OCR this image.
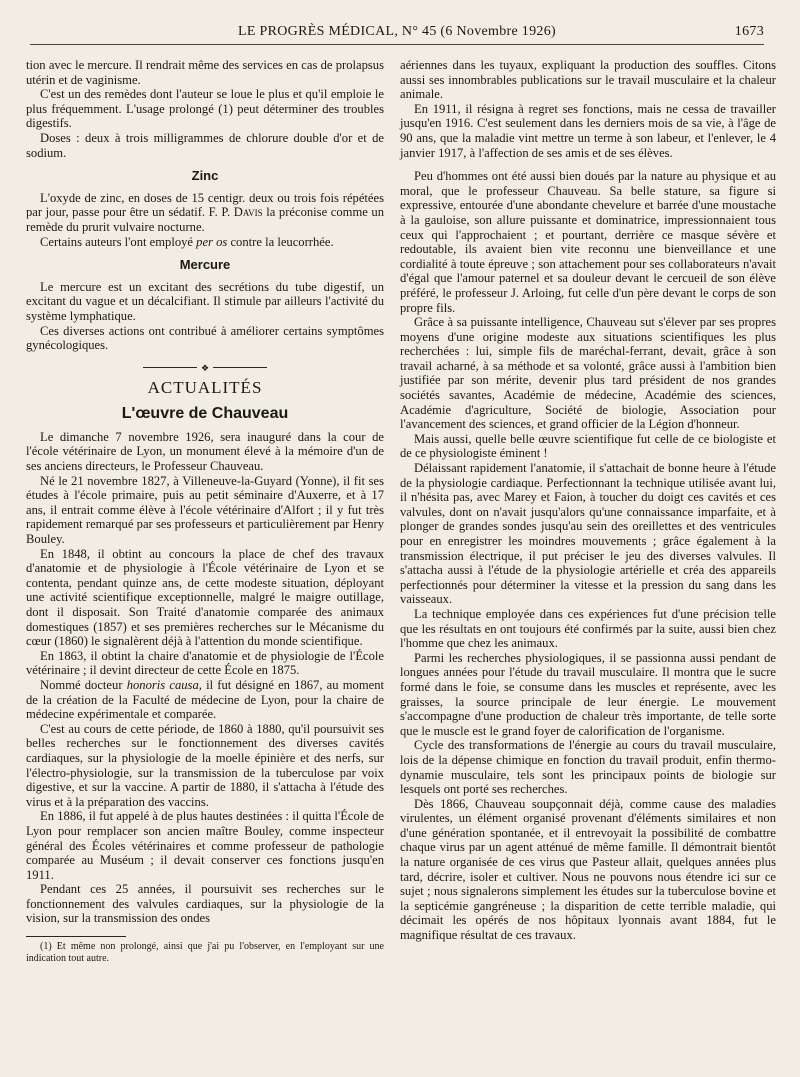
LE PROGRÈS MÉDICAL, N° 45 (6 Novembre 1926)	1673

tion avec le mercure. Il rendrait même des services en cas de prolapsus utérin et de vaginisme.

C'est un des remèdes dont l'auteur se loue le plus et qu'il emploie le plus fréquemment. L'usage prolongé (1) peut déterminer des troubles digestifs.

Doses : deux à trois milligrammes de chlorure double d'or et de sodium.

Zinc

L'oxyde de zinc, en doses de 15 centigr. deux ou trois fois répétées par jour, passe pour être un sédatif. F. P. Davis la préconise comme un remède du prurit vulvaire nocturne.

Certains auteurs l'ont employé per os contre la leucorrhée.

Mercure

Le mercure est un excitant des secrétions du tube digestif, un excitant du vague et un décalcifiant. Il stimule par ailleurs l'activité du système lymphatique.

Ces diverses actions ont contribué à améliorer certains symptômes gynécologiques.

❖
ACTUALITÉS
L'œuvre de Chauveau

Le dimanche 7 novembre 1926, sera inauguré dans la cour de l'école vétérinaire de Lyon, un monument élevé à la mémoire d'un de ses anciens directeurs, le Professeur Chauveau.

Né le 21 novembre 1827, à Villeneuve-la-Guyard (Yonne), il fit ses études à l'école primaire, puis au petit séminaire d'Auxerre, et à 17 ans, il entrait comme élève à l'école vétérinaire d'Alfort ; il y fut très rapidement remarqué par ses professeurs et particulièrement par Henry Bouley.

En 1848, il obtint au concours la place de chef des travaux d'anatomie et de physiologie à l'École vétérinaire de Lyon et se contenta, pendant quinze ans, de cette modeste situation, déployant une activité scientifique exceptionnelle, malgré le maigre outillage, dont il disposait. Son Traité d'anatomie comparée des animaux domestiques (1857) et ses premières recherches sur le Mécanisme du cœur (1860) le signalèrent déjà à l'attention du monde scientifique.

En 1863, il obtint la chaire d'anatomie et de physiologie de l'École vétérinaire ; il devint directeur de cette École en 1875.

Nommé docteur honoris causa, il fut désigné en 1867, au moment de la création de la Faculté de médecine de Lyon, pour la chaire de médecine expérimentale et comparée.

C'est au cours de cette période, de 1860 à 1880, qu'il poursuivit ses belles recherches sur le fonctionnement des diverses cavités cardiaques, sur la physiologie de la moelle épinière et des nerfs, sur l'électro-physiologie, sur la transmission de la tuberculose par voix digestive, et sur la vaccine. A partir de 1880, il s'attacha à l'étude des virus et à la préparation des vaccins.

En 1886, il fut appelé à de plus hautes destinées : il quitta l'École de Lyon pour remplacer son ancien maître Bouley, comme inspecteur général des Écoles vétérinaires et comme professeur de pathologie comparée au Muséum ; il devait conserver ces fonctions jusqu'en 1911.

Pendant ces 25 années, il poursuivit ses recherches sur le fonctionnement des valvules cardiaques, sur la physiologie de la vision, sur la transmission des ondes

(1) Et même non prolongé, ainsi que j'ai pu l'observer, en l'employant sur une indication tout autre.

aériennes dans les tuyaux, expliquant la production des souffles. Citons aussi ses innombrables publications sur le travail musculaire et la chaleur animale.

En 1911, il résigna à regret ses fonctions, mais ne cessa de travailler jusqu'en 1916. C'est seulement dans les derniers mois de sa vie, à l'âge de 90 ans, que la maladie vint mettre un terme à son labeur, et l'enlever, le 4 janvier 1917, à l'affection de ses amis et de ses élèves.

Peu d'hommes ont été aussi bien doués par la nature au physique et au moral, que le professeur Chauveau. Sa belle stature, sa figure si expressive, entourée d'une abondante chevelure et barrée d'une moustache à la gauloise, son allure puissante et dominatrice, impressionnaient tous ceux qui l'approchaient ; et pourtant, derrière ce masque sévère et redoutable, ils avaient bien vite reconnu une bienveillance et une cordialité à toute épreuve ; son attachement pour ses collaborateurs n'avait d'égal que l'amour paternel et sa douleur devant le cercueil de son élève préféré, le professeur J. Arloing, fut celle d'un père devant le corps de son propre fils.

Grâce à sa puissante intelligence, Chauveau sut s'élever par ses propres moyens d'une origine modeste aux situations scientifiques les plus recherchées : lui, simple fils de maréchal-ferrant, devait, grâce à son travail acharné, à sa méthode et sa volonté, grâce aussi à l'ambition bien justifiée par son mérite, devenir plus tard président de nos grandes sociétés savantes, Académie de médecine, Académie des sciences, Académie d'agriculture, Société de biologie, Association pour l'avancement des sciences, et grand officier de la Légion d'honneur.

Mais aussi, quelle belle œuvre scientifique fut celle de ce biologiste et de ce physiologiste éminent !

Délaissant rapidement l'anatomie, il s'attachait de bonne heure à l'étude de la physiologie cardiaque. Perfectionnant la technique utilisée avant lui, il n'hésita pas, avec Marey et Faion, à toucher du doigt ces cavités et ces valvules, dont on n'avait jusqu'alors qu'une connaissance imparfaite, et à plonger de grandes sondes jusqu'au sein des oreillettes et des ventricules pour en enregistrer les moindres mouvements ; grâce également à la transmission électrique, il put préciser le jeu des diverses valvules. Il s'attacha aussi à l'étude de la physiologie artérielle et créa des appareils perfectionnés pour déterminer la vitesse et la pression du sang dans les vaisseaux.

La technique employée dans ces expériences fut d'une précision telle que les résultats en ont toujours été confirmés par la suite, aussi bien chez l'homme que chez les animaux.

Parmi les recherches physiologiques, il se passionna aussi pendant de longues années pour l'étude du travail musculaire. Il montra que le sucre formé dans le foie, se consume dans les muscles et représente, avec les graisses, la source principale de leur énergie. Le mouvement s'accompagne d'une production de chaleur très importante, de telle sorte que le muscle est le grand foyer de calorification de l'organisme.

Cycle des transformations de l'énergie au cours du travail musculaire, lois de la dépense chimique en fonction du travail produit, enfin thermo-dynamie musculaire, tels sont les principaux points de biologie sur lesquels ont porté ses recherches.

Dès 1866, Chauveau soupçonnait déjà, comme cause des maladies virulentes, un élément organisé provenant d'éléments similaires et non d'une génération spontanée, et il entrevoyait la possibilité de combattre chaque virus par un agent atténué de même famille. Il démontrait bientôt la nature organisée de ces virus que Pasteur allait, quelques années plus tard, décrire, isoler et cultiver. Nous ne pouvons nous étendre ici sur ce sujet ; nous signalerons simplement les études sur la tuberculose bovine et la septicémie gangréneuse ; la disparition de cette terrible maladie, qui décimait les opérés de nos hôpitaux lyonnais avant 1884, fut le magnifique résultat de ces travaux.
